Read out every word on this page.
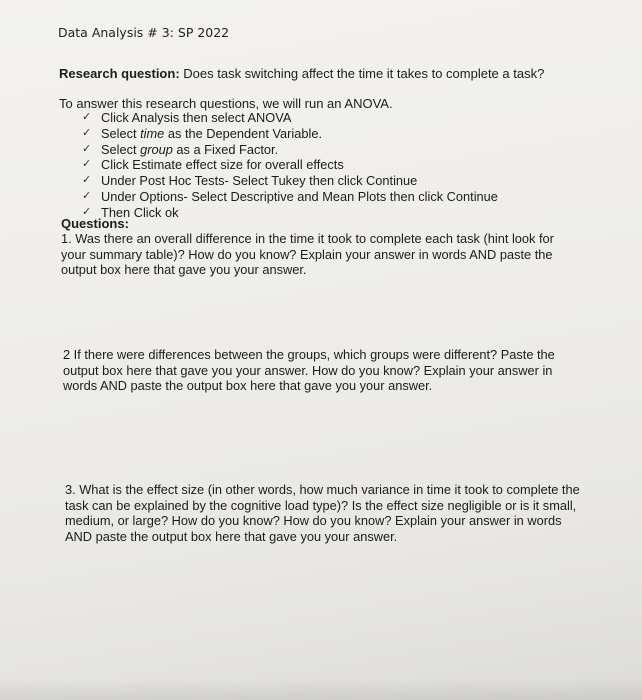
Data Analysis # 3: SP 2022
Research question: Does task switching affect the time it takes to complete a task?
To answer this research questions, we will run an ANOVA.
✓ Click Analysis then select ANOVA
✓ Select time as the Dependent Variable.
✓ Select group as a Fixed Factor.
✓ Click Estimate effect size for overall effects
✓ Under Post Hoc Tests- Select Tukey then click Continue
✓ Under Options- Select Descriptive and Mean Plots then click Continue
✓ Then Click ok
Questions:
1. Was there an overall difference in the time it took to complete each task (hint look for your summary table)? How do you know? Explain your answer in words AND paste the output box here that gave you your answer.
2 If there were differences between the groups, which groups were different? Paste the output box here that gave you your answer. How do you know? Explain your answer in words AND paste the output box here that gave you your answer.
3. What is the effect size (in other words, how much variance in time it took to complete the task can be explained by the cognitive load type)? Is the effect size negligible or is it small, medium, or large? How do you know? How do you know? Explain your answer in words AND paste the output box here that gave you your answer.
